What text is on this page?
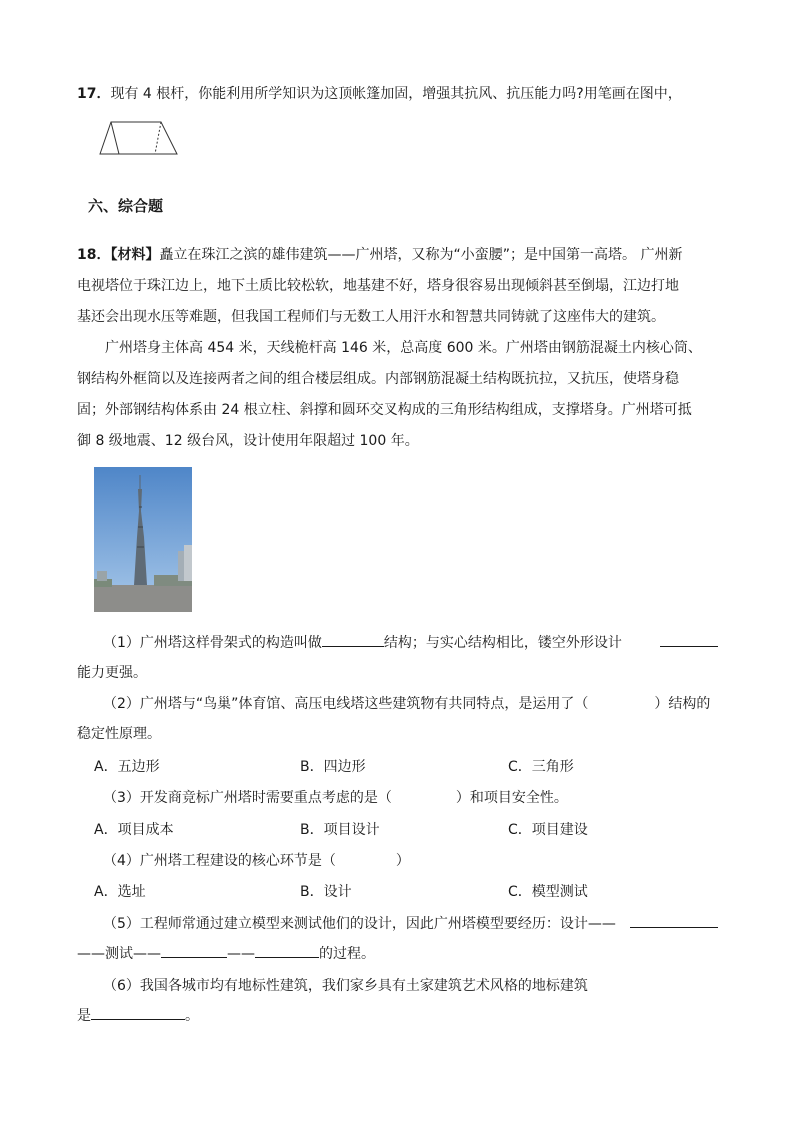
17．现有 4 根杆，你能利用所学知识为这顶帐篷加固，增强其抗风、抗压能力吗?用笔画在图中，
六、综合题
18．【材料】矗立在珠江之滨的雄伟建筑——广州塔，又称为“小蛮腰”；是中国第一高塔。 广州新
电视塔位于珠江边上，地下土质比较松软，地基建不好，塔身很容易出现倾斜甚至倒塌，江边打地
基还会出现水压等难题，但我国工程师们与无数工人用汗水和智慧共同铸就了这座伟大的建筑。
广州塔身主体高 454 米，天线桅杆高 146 米，总高度 600 米。广州塔由钢筋混凝土内核心筒、
钢结构外框筒以及连接两者之间的组合楼层组成。内部钢筋混凝土结构既抗拉，又抗压，使塔身稳
固；外部钢结构体系由 24 根立柱、斜撑和圆环交叉构成的三角形结构组成，支撑塔身。广州塔可抵
御 8 级地震、12 级台风，设计使用年限超过 100 年。
（1）广州塔这样骨架式的构造叫做	结构；与实心结构相比，镂空外形设计
能力更强。
（2）广州塔与“鸟巢”体育馆、高压电线塔这些建筑物有共同特点，是运用了（	）结构的
稳定性原理。
A．五边形	B．四边形	C．三角形
（3）开发商竞标广州塔时需要重点考虑的是（	）和项目安全性。
A．项目成本	B．项目设计	C．项目建设
（4）广州塔工程建设的核心环节是（	）
A．选址	B．设计	C．模型测试
（5）工程师常通过建立模型来测试他们的设计，因此广州塔模型要经历：设计——
——测试——	——	的过程。
（6）我国各城市均有地标性建筑，我们家乡具有土家建筑艺术风格的地标建筑
是	。
